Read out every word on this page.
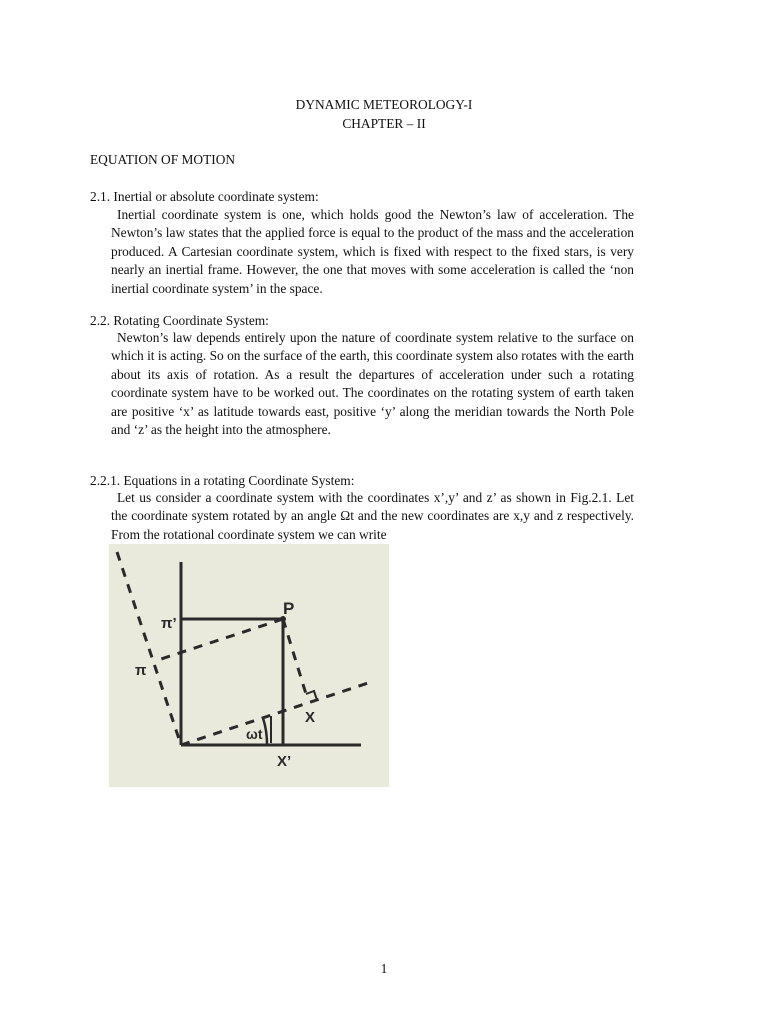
DYNAMIC METEOROLOGY-I
CHAPTER – II
EQUATION OF MOTION
2.1. Inertial or absolute coordinate system:

Inertial coordinate system is one, which holds good the Newton’s law of acceleration. The Newton’s law states that the applied force is equal to the product of the mass and the acceleration produced. A Cartesian coordinate system, which is fixed with respect to the fixed stars, is very nearly an inertial frame. However, the one that moves with some acceleration is called the ‘non inertial coordinate system’ in the space.

2.2. Rotating Coordinate System:

Newton’s law depends entirely upon the nature of coordinate system relative to the surface on which it is acting. So on the surface of the earth, this coordinate system also rotates with the earth about its axis of rotation. As a result the departures of acceleration under such a rotating coordinate system have to be worked out. The coordinates on the rotating system of earth taken are positive ‘x’ as latitude towards east, positive ‘y’ along the meridian towards the North Pole and ‘z’ as the height into the atmosphere.

2.2.1. Equations in a rotating Coordinate System:

Let us consider a coordinate system with the coordinates x’,y’ and z’ as shown in Fig.2.1. Let the coordinate system rotated by an angle Ωt and the new coordinates are x,y and z respectively. From the rotational coordinate system we can write

P
π’
π
X
X’
ωt
1
